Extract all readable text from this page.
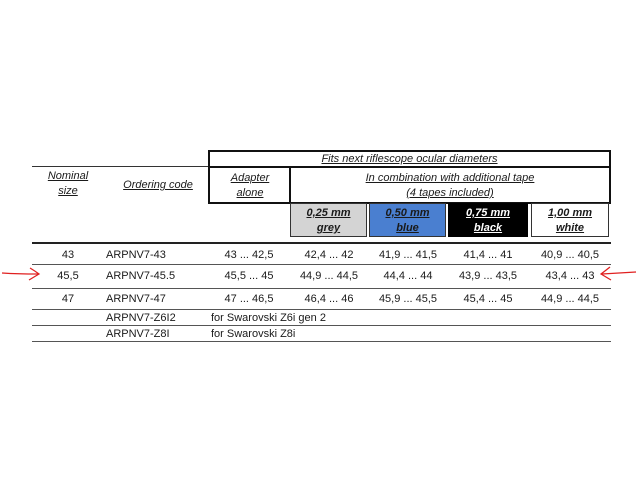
Fits next riflescope ocular diameters
Adapter
alone
In combination with additional tape
(4 tapes included)
Nominal
size	Ordering code
0,25 mm
grey
0,50 mm
blue
0,75 mm
black
1,00 mm
white
43	ARPNV7-43	43 ... 42,5	42,4 ... 42	41,9 ... 41,5	41,4 ... 41	40,9 ... 40,5
45,5	ARPNV7-45.5	45,5 ... 45	44,9 ... 44,5	44,4 ... 44	43,9 ... 43,5	43,4 ... 43
47	ARPNV7-47	47 ... 46,5	46,4 ... 46	45,9 ... 45,5	45,4 ... 45	44,9 ... 44,5
ARPNV7-Z6I2	for Swarovski Z6i gen 2
ARPNV7-Z8I	for Swarovski Z8i
